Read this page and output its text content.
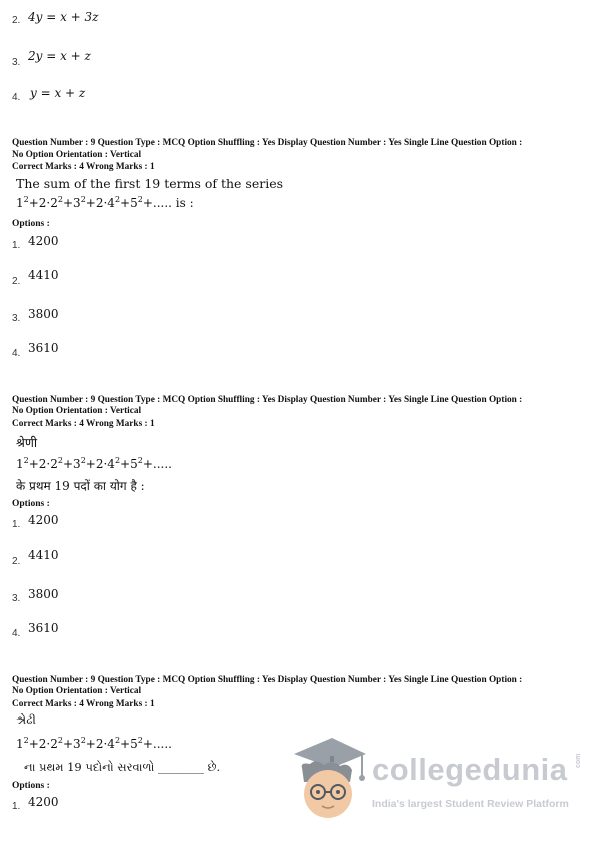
2. 4y = x + 3z
3. 2y = x + z
4. y = x + z
Question Number : 9 Question Type : MCQ Option Shuffling : Yes Display Question Number : Yes Single Line Question Option :
No Option Orientation : Vertical
Correct Marks : 4 Wrong Marks : 1
The sum of the first 19 terms of the series
$1^2+2\cdot 2^2+3^2+2\cdot 4^2+5^2+$..... is :
Options :
1. 4200
2. 4410
3. 3800
4. 3610
Question Number : 9 Question Type : MCQ Option Shuffling : Yes Display Question Number : Yes Single Line Question Option :
No Option Orientation : Vertical
Correct Marks : 4 Wrong Marks : 1
श्रेणी
$1^2+2\cdot 2^2+3^2+2\cdot 4^2+5^2+$.....
के प्रथम 19 पदों का योग है :
Options :
1. 4200
2. 4410
3. 3800
4. 3610
Question Number : 9 Question Type : MCQ Option Shuffling : Yes Display Question Number : Yes Single Line Question Option :
No Option Orientation : Vertical
Correct Marks : 4 Wrong Marks : 1
શ્રેઢી
$1^2+2\cdot 2^2+3^2+2\cdot 4^2+5^2+$.....
ના પ્રથમ 19 પદોનો સરવાળો ________ છે.
Options :
1. 4200
collegedunia com
India's largest Student Review Platform
